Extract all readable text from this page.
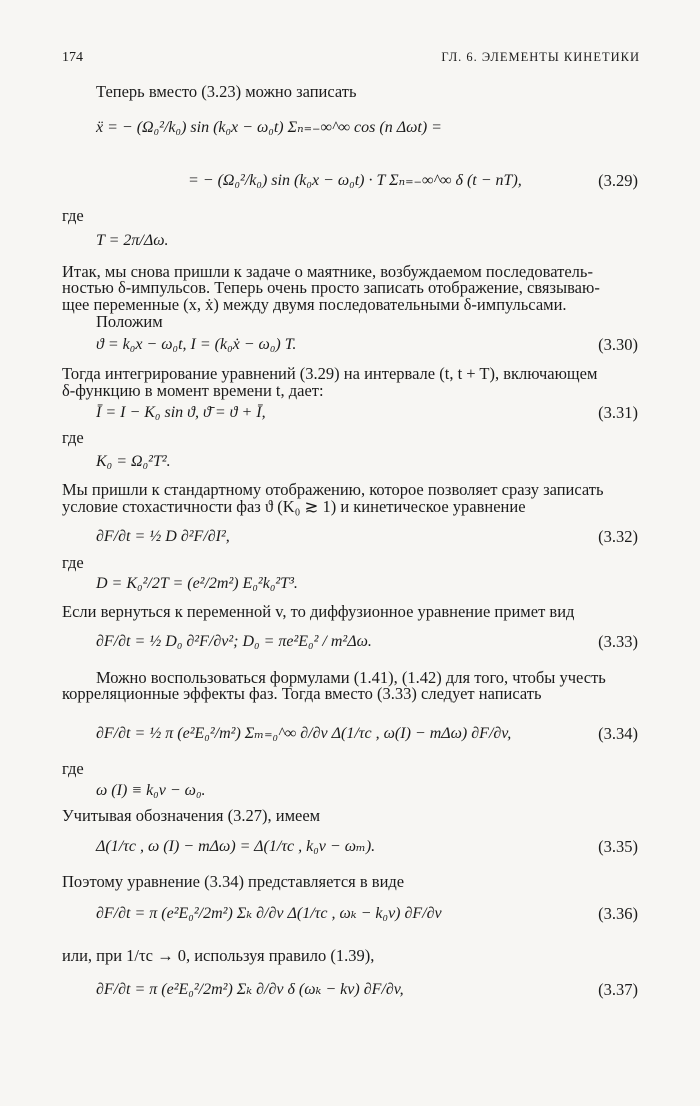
174	ГЛ. 6. ЭЛЕМЕНТЫ КИНЕТИКИ
Теперь вместо (3.23) можно записать
ẍ = − (Ω₀²/k₀) sin (k₀x − ω₀t) Σₙ₌₋∞^∞ cos (n Δωt) =
= − (Ω₀²/k₀) sin (k₀x − ω₀t) · T Σₙ₌₋∞^∞ δ (t − nT),	(3.29)
где
T = 2π/Δω.
Итак, мы снова пришли к задаче о маятнике, возбуждаемом последователь-
ностью δ-импульсов. Теперь очень просто записать отображение, связываю-
щее переменные (x, ẋ) между двумя последовательными δ-импульсами.
Положим
ϑ = k₀x − ω₀t, I = (k₀ẋ − ω₀) T.	(3.30)
Тогда интегрирование уравнений (3.29) на интервале (t, t + T), включающем
δ-функцию в момент времени t, дает:
Ī = I − K₀ sin ϑ, ϑ̄ = ϑ + Ī,	(3.31)
где
K₀ = Ω₀²T².
Мы пришли к стандартному отображению, которое позволяет сразу записать
условие стохастичности фаз ϑ (K₀ ≳ 1) и кинетическое уравнение
∂F/∂t = ½ D ∂²F/∂I²,	(3.32)
где
D = K₀²/2T = (e²/2m²) E₀²k₀²T³.
Если вернуться к переменной v, то диффузионное уравнение примет вид
∂F/∂t = ½ D₀ ∂²F/∂v²; D₀ = πe²E₀² / m²Δω.	(3.33)
Можно воспользоваться формулами (1.41), (1.42) для того, чтобы учесть
корреляционные эффекты фаз. Тогда вместо (3.33) следует написать
∂F/∂t = ½ π (e²E₀²/m²) Σₘ₌₀^∞ ∂/∂v Δ(1/τc , ω(I) − mΔω) ∂F/∂v,	(3.34)
где
ω (I) ≡ k₀v − ω₀.
Учитывая обозначения (3.27), имеем
Δ(1/τc , ω (I) − mΔω) = Δ(1/τc , k₀v − ωₘ).	(3.35)
Поэтому уравнение (3.34) представляется в виде
∂F/∂t = π (e²E₀²/2m²) Σₖ ∂/∂v Δ(1/τc , ωₖ − k₀v) ∂F/∂v	(3.36)
или, при 1/τc → 0, используя правило (1.39),
∂F/∂t = π (e²E₀²/2m²) Σₖ ∂/∂v δ (ωₖ − kv) ∂F/∂v,	(3.37)
